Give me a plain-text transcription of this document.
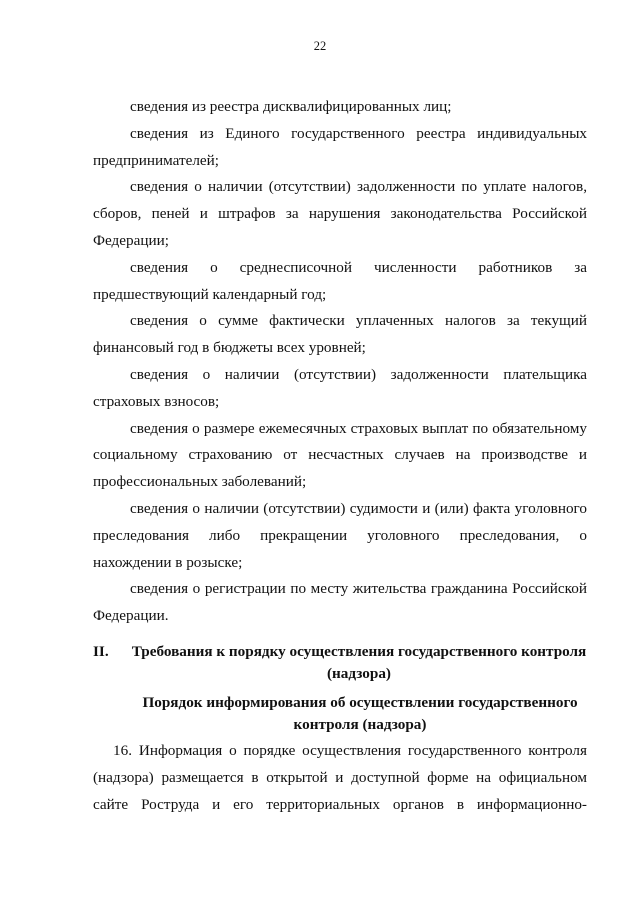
22

сведения из реестра дисквалифицированных лиц;

сведения из Единого государственного реестра индивидуальных предпринимателей;

сведения о наличии (отсутствии) задолженности по уплате налогов, сборов, пеней и штрафов за нарушения законодательства Российской Федерации;

сведения о среднесписочной численности работников за предшествующий календарный год;

сведения о сумме фактически уплаченных налогов за текущий финансовый год в бюджеты всех уровней;

сведения о наличии (отсутствии) задолженности плательщика страховых взносов;

сведения о размере ежемесячных страховых выплат по обязательному социальному страхованию от несчастных случаев на производстве и профессиональных заболеваний;

сведения о наличии (отсутствии) судимости и (или) факта уголовного преследования либо прекращении уголовного преследования, о нахождении в розыске;

сведения о регистрации по месту жительства гражданина Российской Федерации.

II. Требования к порядку осуществления государственного контроля (надзора)
Порядок информирования об осуществлении государственного контроля (надзора)

16. Информация о порядке осуществления государственного контроля (надзора) размещается в открытой и доступной форме на официальном сайте Роструда и его территориальных органов в информационно-
